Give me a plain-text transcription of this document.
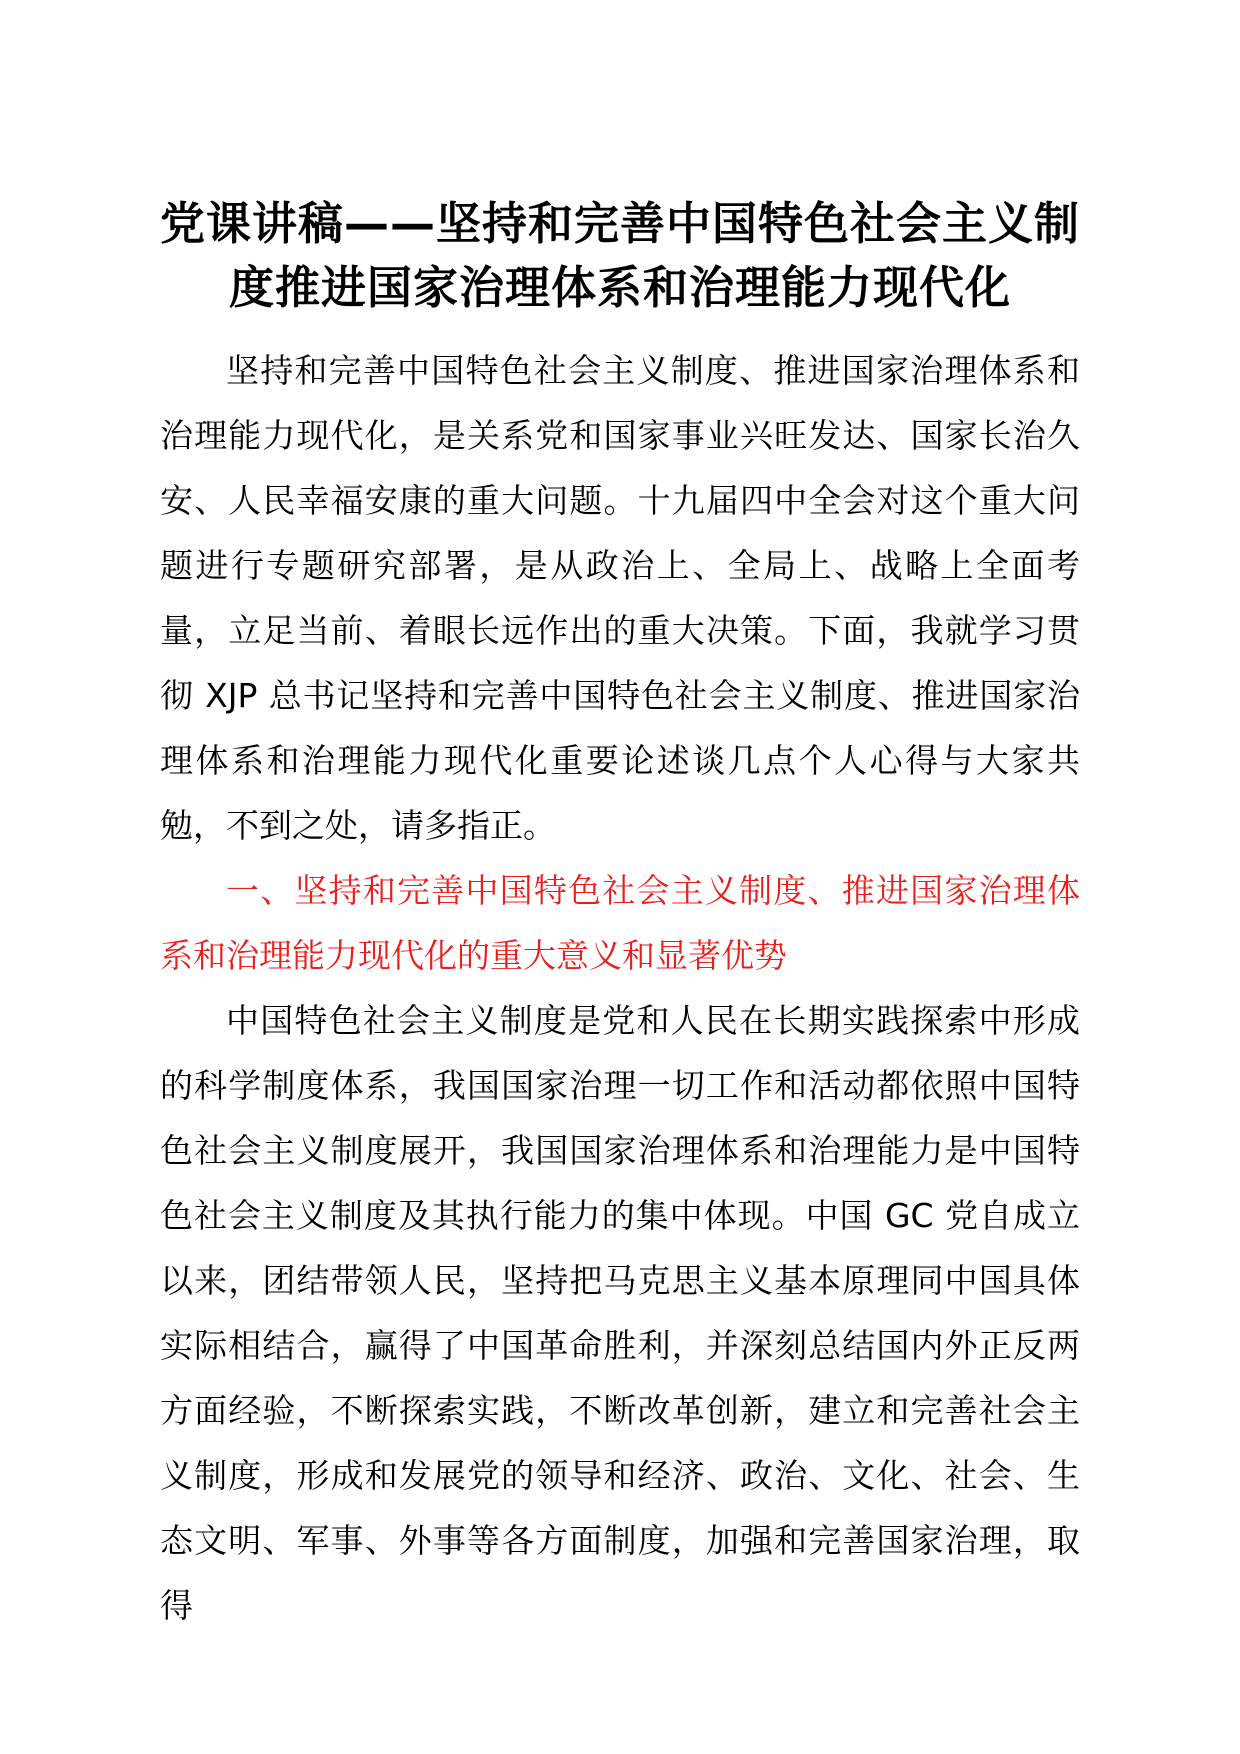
党课讲稿——坚持和完善中国特色社会主义制度推进国家治理体系和治理能力现代化

坚持和完善中国特色社会主义制度、推进国家治理体系和治理能力现代化，是关系党和国家事业兴旺发达、国家长治久安、人民幸福安康的重大问题。十九届四中全会对这个重大问题进行专题研究部署，是从政治上、全局上、战略上全面考量，立足当前、着眼长远作出的重大决策。下面，我就学习贯彻 XJP 总书记坚持和完善中国特色社会主义制度、推进国家治理体系和治理能力现代化重要论述谈几点个人心得与大家共勉，不到之处，请多指正。

一、坚持和完善中国特色社会主义制度、推进国家治理体系和治理能力现代化的重大意义和显著优势

中国特色社会主义制度是党和人民在长期实践探索中形成的科学制度体系，我国国家治理一切工作和活动都依照中国特色社会主义制度展开，我国国家治理体系和治理能力是中国特色社会主义制度及其执行能力的集中体现。中国 GC 党自成立以来，团结带领人民，坚持把马克思主义基本原理同中国具体实际相结合，赢得了中国革命胜利，并深刻总结国内外正反两方面经验，不断探索实践，不断改革创新，建立和完善社会主义制度，形成和发展党的领导和经济、政治、文化、社会、生态文明、军事、外事等各方面制度，加强和完善国家治理，取得
